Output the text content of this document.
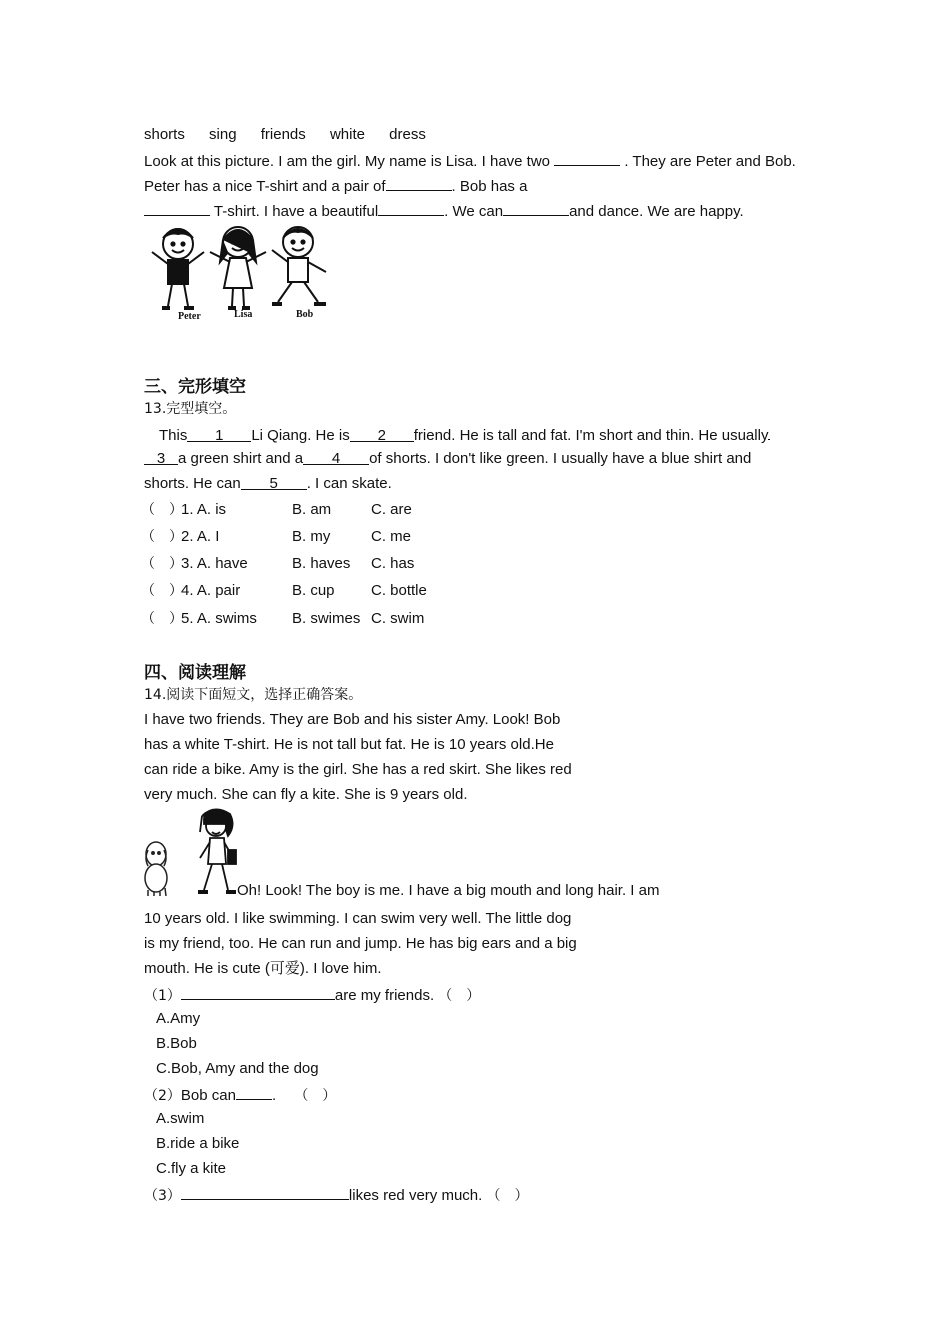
shorts sing friends white dress
Look at this picture. I am the girl. My name is Lisa. I have two	. They are Peter and Bob.
Peter has a nice T-shirt and a pair of	. Bob has a
T-shirt. I have a beautiful	. We can	and dance. We are happy.
Peter	Lisa	Bob
三、完形填空
13.完型填空。
This 1 Li Qiang. He is 2 friend. He is tall and fat. I'm short and thin. He usually
3 a green shirt and a 4 of shorts. I don't like green. I usually have a blue shirt and
shorts. He can 5 . I can skate.
（　）1. A. is	B. am	C. are
（　）2. A. I	B. my	C. me
（　）3. A. have	B. haves C. has
（　）4. A. pair	B. cup C. bottle
（　）5. A. swims B. swimes C. swim
四、阅读理解
14.阅读下面短文，选择正确答案。
I have two friends. They are Bob and his sister Amy. Look! Bob
has a white T-shirt. He is not tall but fat. He is 10 years old.He
can ride a bike. Amy is the girl. She has a red skirt. She likes red
very much. She can fly a kite. She is 9 years old.
Oh! Look! The boy is me. I have a big mouth and long hair. I am
10 years old. I like swimming. I can swim very well. The little dog
is my friend, too. He can run and jump. He has big ears and a big
mouth. He is cute (可爱). I love him.
（1）	are my friends. （　）
A.Amy
B.Bob
C.Bob, Amy and the dog
（2）Bob can . （　）
A.swim
B.ride a bike
C.fly a kite
（3）	likes red very much. （　）
